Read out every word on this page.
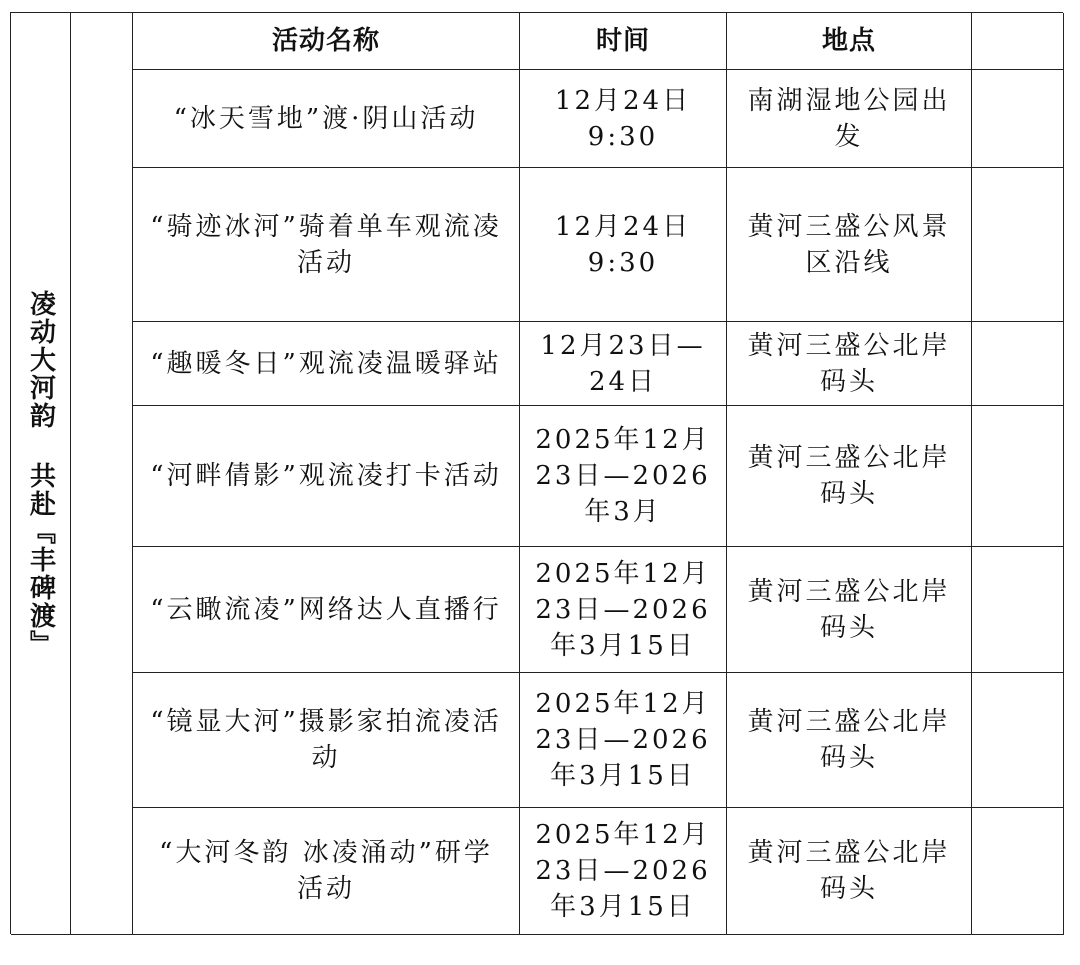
凌动大河韵 共赴『丰碑渡』
活动名称	时间	地点
“冰天雪地”渡·阴山活动
12月24日9:30
南湖湿地公园出发
“骑迹冰河”骑着单车观流凌活动
12月24日9:30
黄河三盛公风景区沿线
“趣暖冬日”观流凌温暖驿站
12月23日—24日
黄河三盛公北岸码头
“河畔倩影”观流凌打卡活动
2025年12月23日—2026年3月
黄河三盛公北岸码头
“云瞰流凌”网络达人直播行
2025年12月23日—2026年3月15日
黄河三盛公北岸码头
“镜显大河”摄影家拍流凌活动
2025年12月23日—2026年3月15日
黄河三盛公北岸码头
“大河冬韵 冰凌涌动”研学活动
2025年12月23日—2026年3月15日
黄河三盛公北岸码头
